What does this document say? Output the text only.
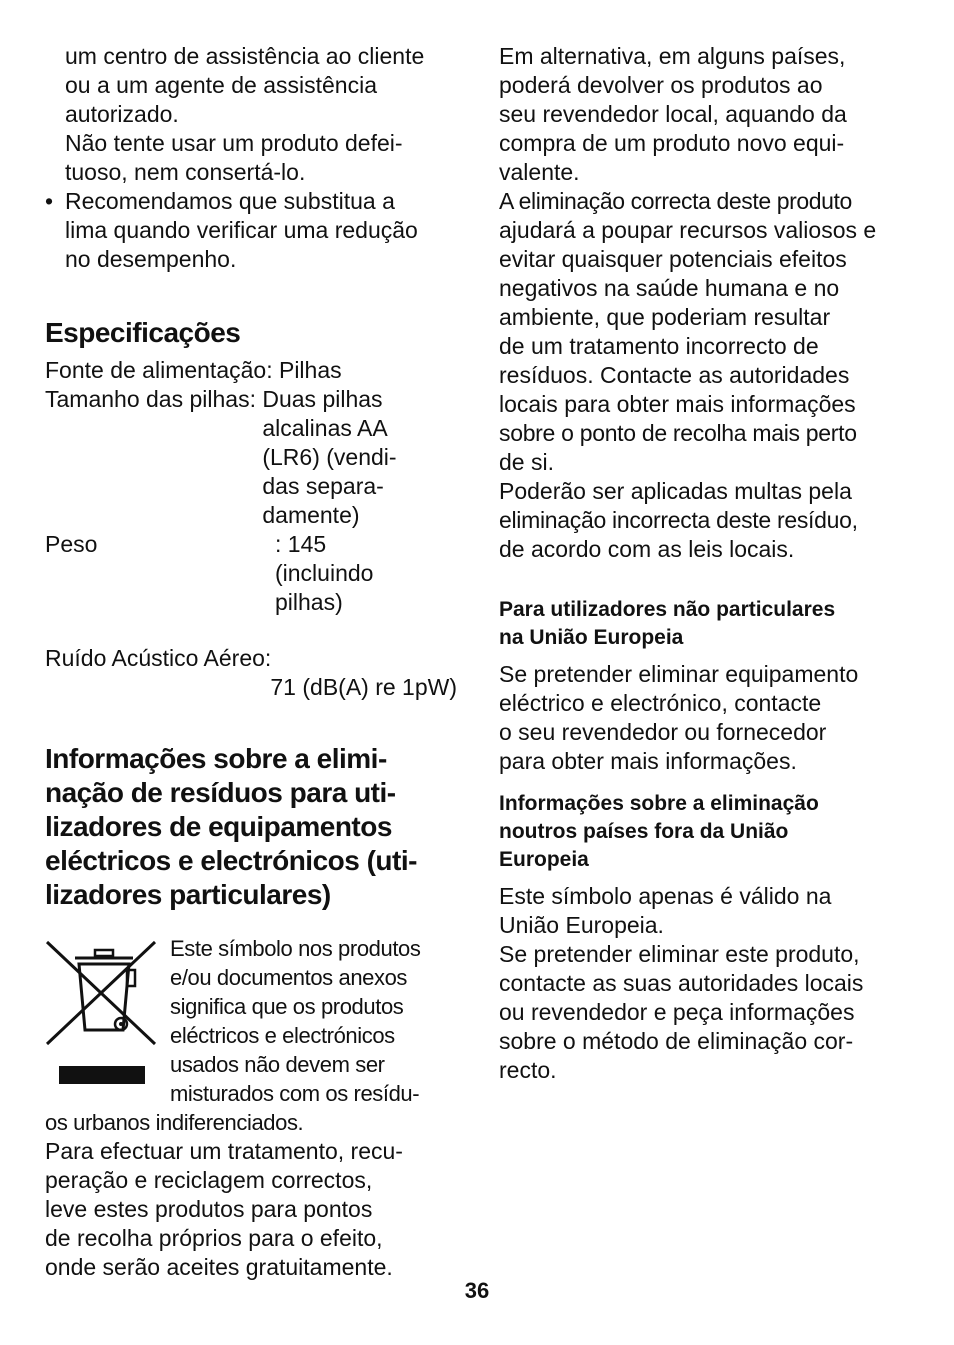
um centro de assistência ao cliente

ou a um agente de assistência

autorizado.

Não tente usar um produto defei-

tuoso, nem consertá-lo.

• Recomendamos que substitua a

lima quando verificar uma redução

no desempenho.

Especificações

Fonte de alimentação: Pilhas

Tamanho das pilhas: Duas pilhas
alcalinas AA
(LR6) (vendi-
das separa-
damente)
Peso	: 145
(incluindo
pilhas)

Ruído Acústico Aéreo:

71 (dB(A) re 1pW)

Informações sobre a elimi-
nação de resíduos para uti-
lizadores de equipamentos
eléctricos e electrónicos (uti-
lizadores particulares)

Este símbolo nos produtos

e/ou documentos anexos

significa que os produtos

eléctricos e electrónicos

usados não devem ser

misturados com os resídu-

os urbanos indiferenciados.

Para efectuar um tratamento, recu-

peração e reciclagem correctos,

leve estes produtos para pontos

de recolha próprios para o efeito,

onde serão aceites gratuitamente.

Em alternativa, em alguns países,

poderá devolver os produtos ao

seu revendedor local, aquando da

compra de um produto novo equi-

valente.

A eliminação correcta deste produto

ajudará a poupar recursos valiosos e

evitar quaisquer potenciais efeitos

negativos na saúde humana e no

ambiente, que poderiam resultar

de um tratamento incorrecto de

resíduos. Contacte as autoridades

locais para obter mais informações

sobre o ponto de recolha mais perto

de si.

Poderão ser aplicadas multas pela

eliminação incorrecta deste resíduo,

de acordo com as leis locais.

Para utilizadores não particulares
na União Europeia

Se pretender eliminar equipamento

eléctrico e electrónico, contacte

o seu revendedor ou fornecedor

para obter mais informações.

Informações sobre a eliminação
noutros países fora da União
Europeia

Este símbolo apenas é válido na

União Europeia.

Se pretender eliminar este produto,

contacte as suas autoridades locais

ou revendedor e peça informações

sobre o método de eliminação cor-

recto.

36
